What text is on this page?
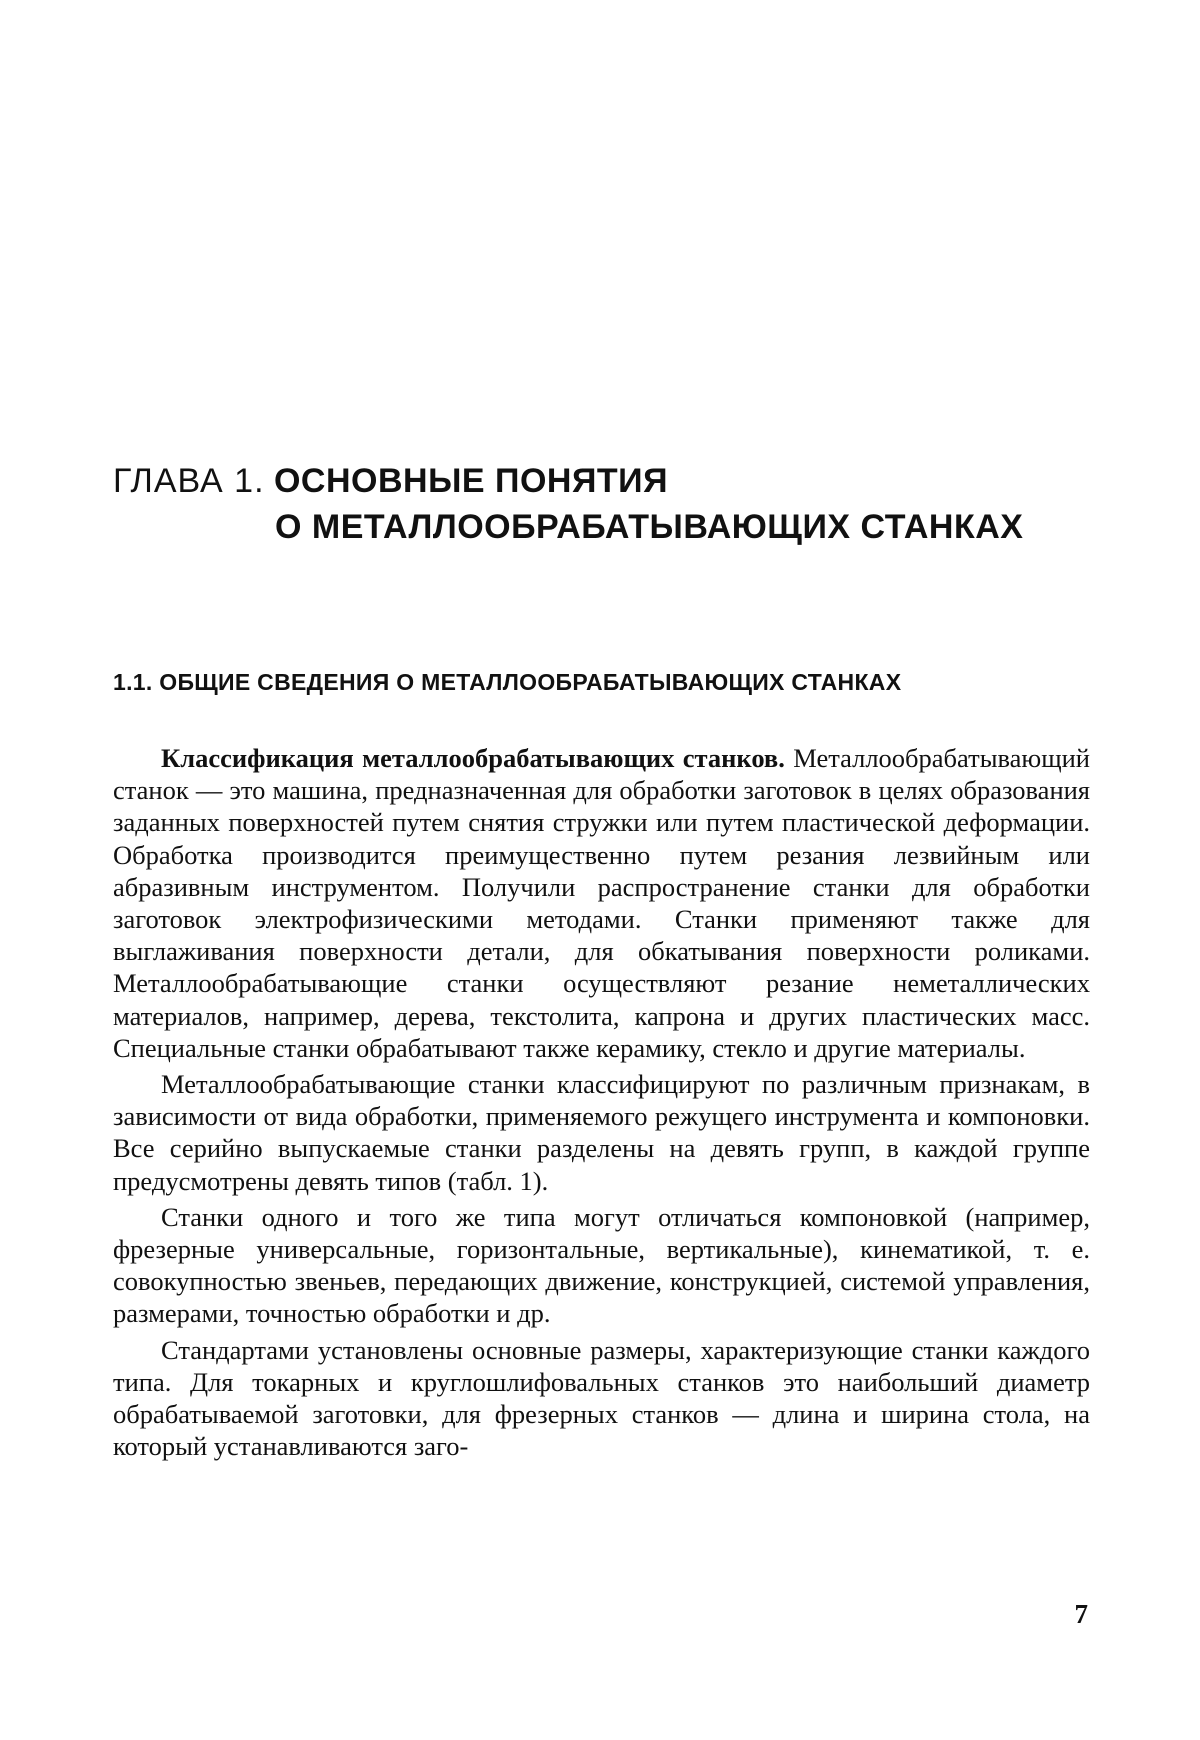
ГЛАВА 1. ОСНОВНЫЕ ПОНЯТИЯ
О МЕТАЛЛООБРАБАТЫВАЮЩИХ СТАНКАХ
1.1. ОБЩИЕ СВЕДЕНИЯ О МЕТАЛЛООБРАБАТЫВАЮЩИХ СТАНКАХ

Классификация металлообрабатывающих станков. Металлообрабатывающий станок — это машина, предназначенная для обработки заготовок в целях образования заданных поверхностей путем снятия стружки или путем пластической деформации. Обработка производится преимущественно путем резания лезвийным или абразивным инструментом. Получили распространение станки для обработки заготовок электрофизическими методами. Станки применяют также для выглаживания поверхности детали, для обкатывания поверхности роликами. Металлообрабатывающие станки осуществляют резание неметаллических материалов, например, дерева, текстолита, капрона и других пластических масс. Специальные станки обрабатывают также керамику, стекло и другие материалы.

Металлообрабатывающие станки классифицируют по различным признакам, в зависимости от вида обработки, применяемого режущего инструмента и компоновки. Все серийно выпускаемые станки разделены на девять групп, в каждой группе предусмотрены девять типов (табл. 1).

Станки одного и того же типа могут отличаться компоновкой (например, фрезерные универсальные, горизонтальные, вертикальные), кинематикой, т. е. совокупностью звеньев, передающих движение, конструкцией, системой управления, размерами, точностью обработки и др.

Стандартами установлены основные размеры, характеризующие станки каждого типа. Для токарных и круглошлифовальных станков это наибольший диаметр обрабатываемой заготовки, для фрезерных станков — длина и ширина стола, на который устанавливаются заго-

7
